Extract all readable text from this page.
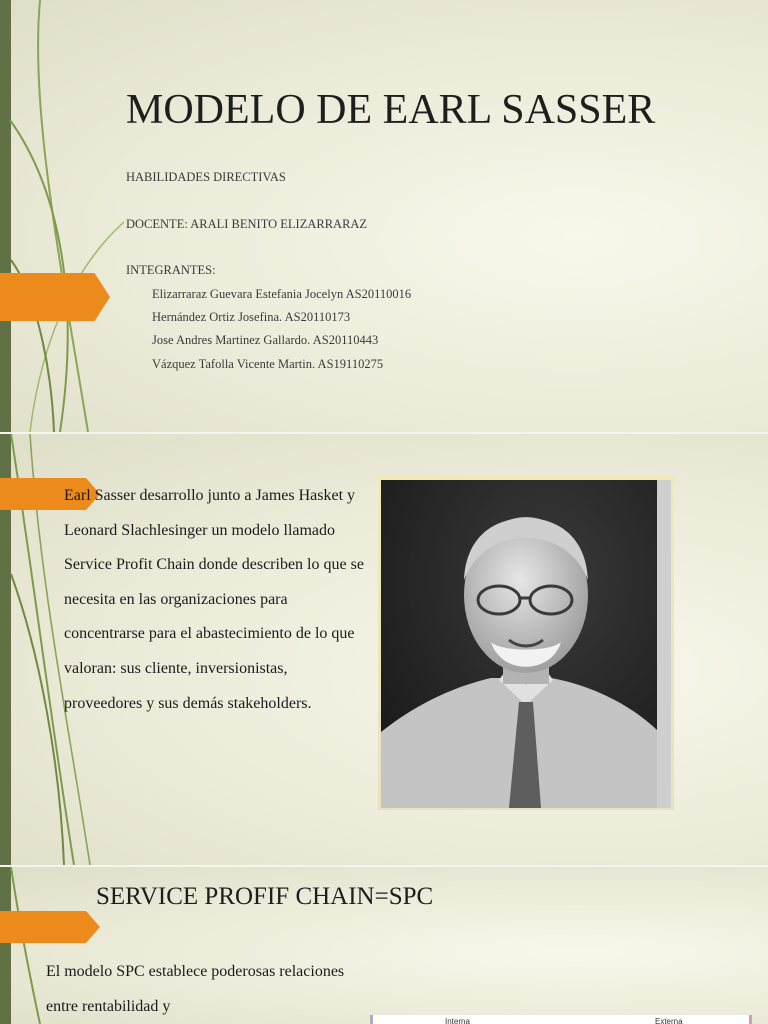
MODELO DE EARL SASSER
HABILIDADES DIRECTIVAS
DOCENTE: ARALI BENITO ELIZARRARAZ
INTEGRANTES:
Elizarraraz Guevara Estefania Jocelyn AS20110016
Hernández Ortiz Josefina. AS20110173
Jose Andres Martinez Gallardo. AS20110443
Vázquez Tafolla Vicente Martin. AS19110275

Earl Sasser desarrollo junto a James Hasket y Leonard Slachlesinger un modelo llamado Service Profit Chain donde describen lo que se necesita en las organizaciones para concentrarse para el abastecimiento de lo que valoran: sus cliente, inversionistas, proveedores y sus demás stakeholders.

SERVICE PROFIF CHAIN=SPC

El modelo SPC establece poderosas relaciones entre rentabilidad y

Interna	Externa
